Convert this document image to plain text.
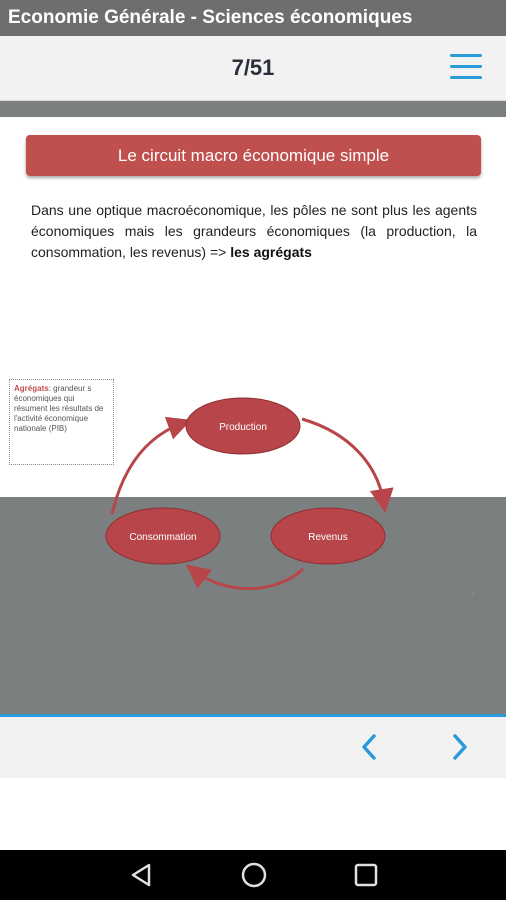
Economie Générale - Sciences économiques
7/51
Le circuit macro économique simple
Dans une optique macroéconomique, les pôles ne sont plus les agents économiques mais les grandeurs économiques (la production, la consommation, les revenus) => les agrégats
Agrégats: grandeur s économiques qui résument les résultats de l'activité économique nationale (PIB)	Production
Consommation	Revenus
7
